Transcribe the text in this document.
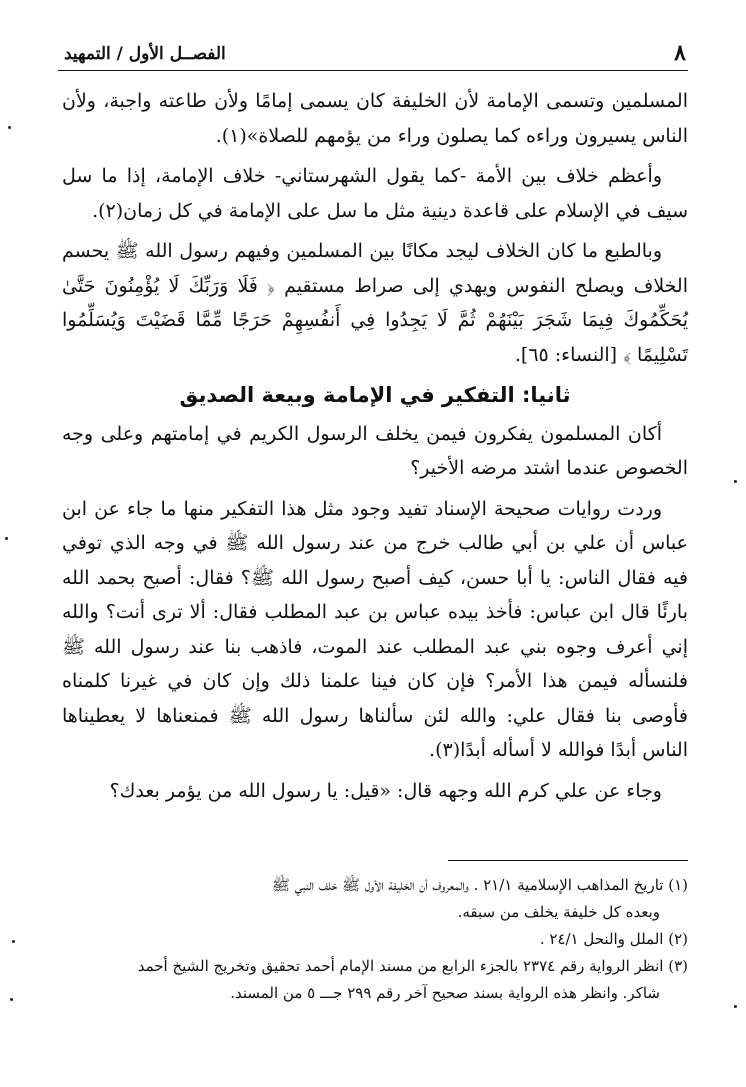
٨
الفصــل الأول / التمهيد

المسلمين وتسمى الإمامة لأن الخليفة كان يسمى إمامًا ولأن طاعته واجبة، ولأن الناس يسيرون وراءه كما يصلون وراء من يؤمهم للصلاة»(١).

وأعظم خلاف بين الأمة -كما يقول الشهرستاني- خلاف الإمامة، إذا ما سل سيف في الإسلام على قاعدة دينية مثل ما سل على الإمامة في كل زمان(٢).

وبالطبع ما كان الخلاف ليجد مكانًا بين المسلمين وفيهم رسول الله ﷺ يحسم الخلاف ويصلح النفوس ويهدي إلى صراط مستقيم ﴿ فَلَا وَرَبِّكَ لَا يُؤْمِنُونَ حَتَّىٰ يُحَكِّمُوكَ فِيمَا شَجَرَ بَيْنَهُمْ ثُمَّ لَا يَجِدُوا فِي أَنفُسِهِمْ حَرَجًا مِّمَّا قَضَيْتَ وَيُسَلِّمُوا تَسْلِيمًا ﴾ [النساء: ٦٥].

ثانيا: التفكير في الإمامة وبيعة الصديق

أكان المسلمون يفكرون فيمن يخلف الرسول الكريم في إمامتهم وعلى وجه الخصوص عندما اشتد مرضه الأخير؟

وردت روايات صحيحة الإسناد تفيد وجود مثل هذا التفكير منها ما جاء عن ابن عباس أن علي بن أبي طالب خرج من عند رسول الله ﷺ في وجه الذي توفي فيه فقال الناس: يا أبا حسن، كيف أصبح رسول الله ﷺ؟ فقال: أصبح بحمد الله بارئًا قال ابن عباس: فأخذ بيده عباس بن عبد المطلب فقال: ألا ترى أنت؟ والله إني أعرف وجوه بني عبد المطلب عند الموت، فاذهب بنا عند رسول الله ﷺ فلنسأله فيمن هذا الأمر؟ فإن كان فينا علمنا ذلك وإن كان في غيرنا كلمناه فأوصى بنا فقال علي: والله لئن سألناها رسول الله ﷺ فمنعناها لا يعطيناها الناس أبدًا فوالله لا أسأله أبدًا(٣).

وجاء عن علي كرم الله وجهه قال: «قيل: يا رسول الله من يؤمر بعدك؟

(١) تاريخ المذاهب الإسلامية ٢١/١ . والمعروف أن الخليفة الأول ﷺ خلف النبي ﷺ

وبعده كل خليفة يخلف من سبقه.

(٢) الملل والنحل ٢٤/١ .

(٣) انظر الرواية رقم ٢٣٧٤ بالجزء الرابع من مسند الإمام أحمد تحقيق وتخريج الشيخ أحمد

شاكر. وانظر هذه الرواية بسند صحيح آخر رقم ٢٩٩ جـــ ٥ من المسند.
